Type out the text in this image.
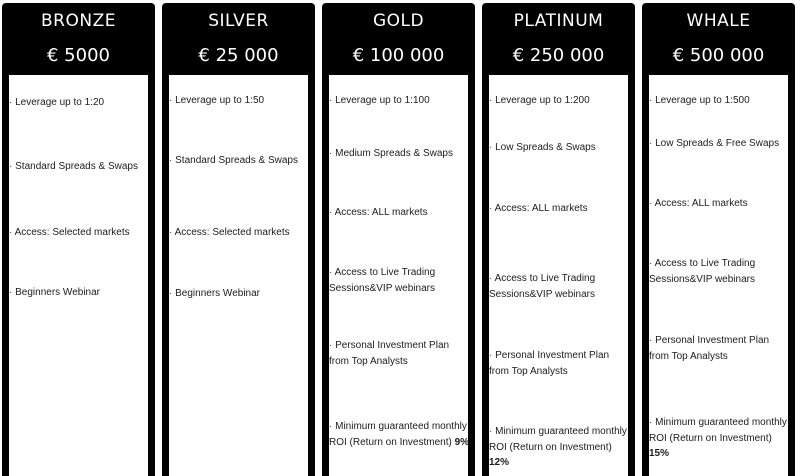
BRONZE
€ 5000
· Leverage up to 1:20
· Standard Spreads & Swaps
· Access: Selected markets
· Beginners Webinar
SILVER
€ 25 000
· Leverage up to 1:50
· Standard Spreads & Swaps
· Access: Selected markets
· Beginners Webinar
GOLD
€ 100 000
· Leverage up to 1:100
· Medium Spreads & Swaps
· Access: ALL markets
· Access to Live Trading Sessions&VIP webinars
· Personal Investment Plan from Top Analysts
· Minimum guaranteed monthly ROI (Return on Investment) 9%
PLATINUM
€ 250 000
· Leverage up to 1:200
· Low Spreads & Swaps
· Access: ALL markets
· Access to Live Trading Sessions&VIP webinars
· Personal Investment Plan from Top Analysts
· Minimum guaranteed monthly ROI (Return on Investment) 12%
WHALE
€ 500 000
· Leverage up to 1:500
· Low Spreads & Free Swaps
· Access: ALL markets
· Access to Live Trading Sessions&VIP webinars
· Personal Investment Plan from Top Analysts
· Minimum guaranteed monthly ROI (Return on Investment) 15%
